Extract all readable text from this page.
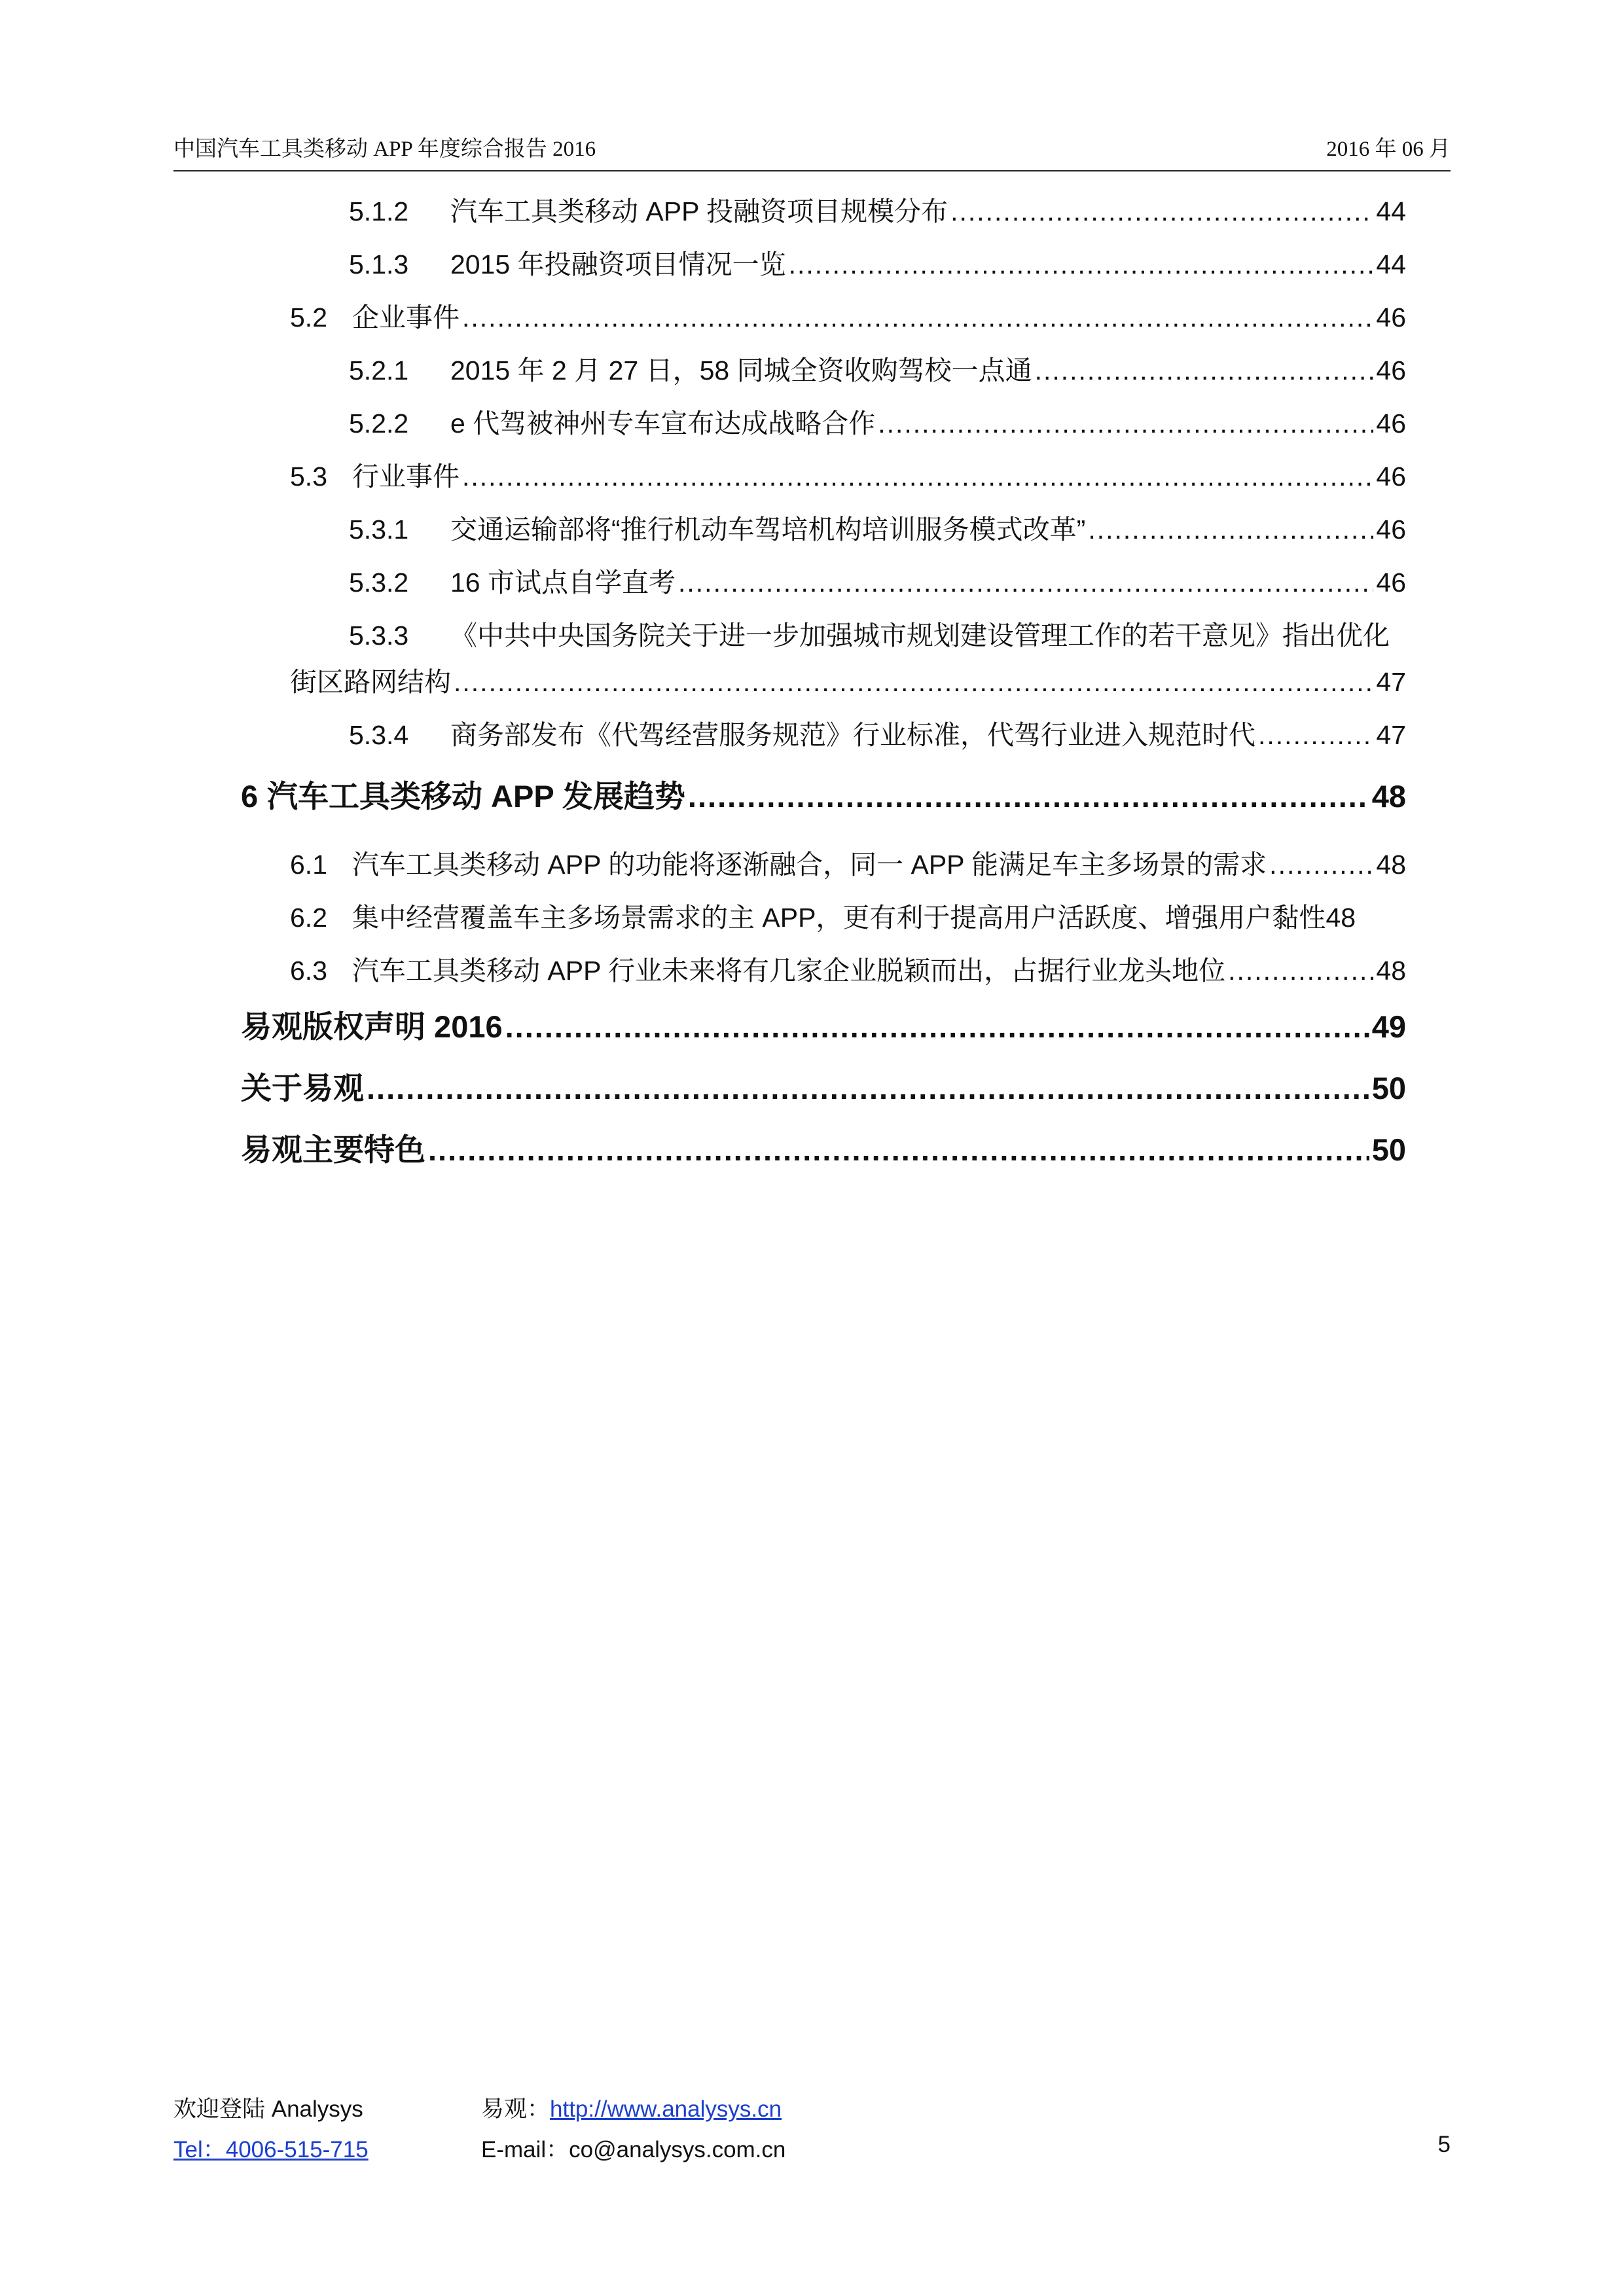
中国汽车工具类移动 APP 年度综合报告 2016	2016 年 06 月
5.1.2	汽车工具类移动 APP 投融资项目规模分布 .....	44
5.1.3	2015 年投融资项目情况一览 .....	44
5.2 企业事件 .....	46
5.2.1	2015 年 2 月 27 日，58 同城全资收购驾校一点通 .....	46
5.2.2	e 代驾被神州专车宣布达成战略合作 .....	46
5.3 行业事件 .....	46
5.3.1	交通运输部将“推行机动车驾培机构培训服务模式改革” .....	46
5.3.2	16 市试点自学直考 .....	46
5.3.3	《中共中央国务院关于进一步加强城市规划建设管理工作的若干意见》指出优化
街区路网结构 .....	47
5.3.4	商务部发布《代驾经营服务规范》行业标准，代驾行业进入规范时代 .....	47
6 汽车工具类移动 APP 发展趋势 .....	48
6.1 汽车工具类移动 APP 的功能将逐渐融合，同一 APP 能满足车主多场景的需求 .....	48
6.2 集中经营覆盖车主多场景需求的主 APP，更有利于提高用户活跃度、增强用户黏性 48
6.3 汽车工具类移动 APP 行业未来将有几家企业脱颖而出，占据行业龙头地位 .....	48
易观版权声明 2016 .....	49
关于易观 .....	50
易观主要特色 .....	50
欢迎登陆 Analysys	易观：http://www.analysys.cn
Tel：4006-515-715	E-mail：co@analysys.com.cn	5
